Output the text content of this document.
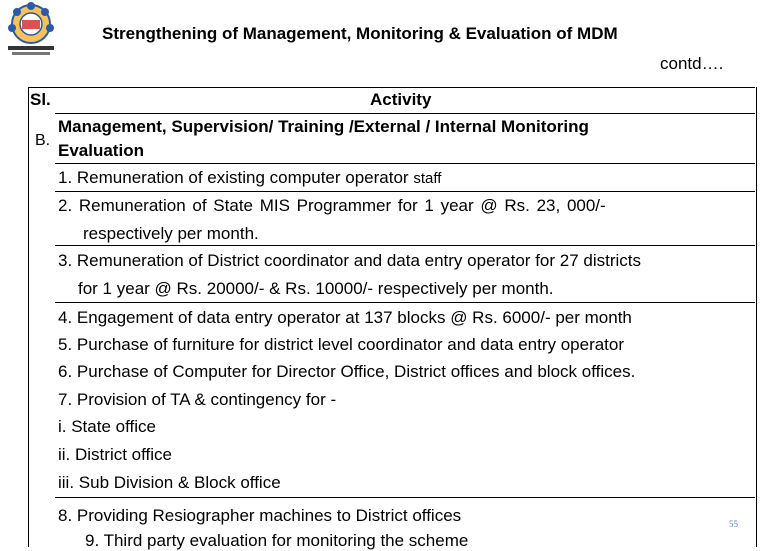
Strengthening of Management, Monitoring & Evaluation of MDM
contd….
Sl.	Activity
B.
Management, Supervision/ Training /External / Internal Monitoring
Evaluation
1. Remuneration of existing computer operator staff
2. Remuneration of State MIS Programmer for 1 year @ Rs. 23, 000/-
respectively per month.
3. Remuneration of District coordinator and data entry operator for 27 districts
for 1 year @ Rs. 20000/- & Rs. 10000/- respectively per month.
4. Engagement of data entry operator at 137 blocks @ Rs. 6000/- per month
5. Purchase of furniture for district level coordinator and data entry operator
6. Purchase of Computer for Director Office, District offices and block offices.
7. Provision of TA & contingency for -
i. State office
ii. District office
iii. Sub Division & Block office
8. Providing Resiographer machines to District offices
9. Third party evaluation for monitoring the scheme
55
